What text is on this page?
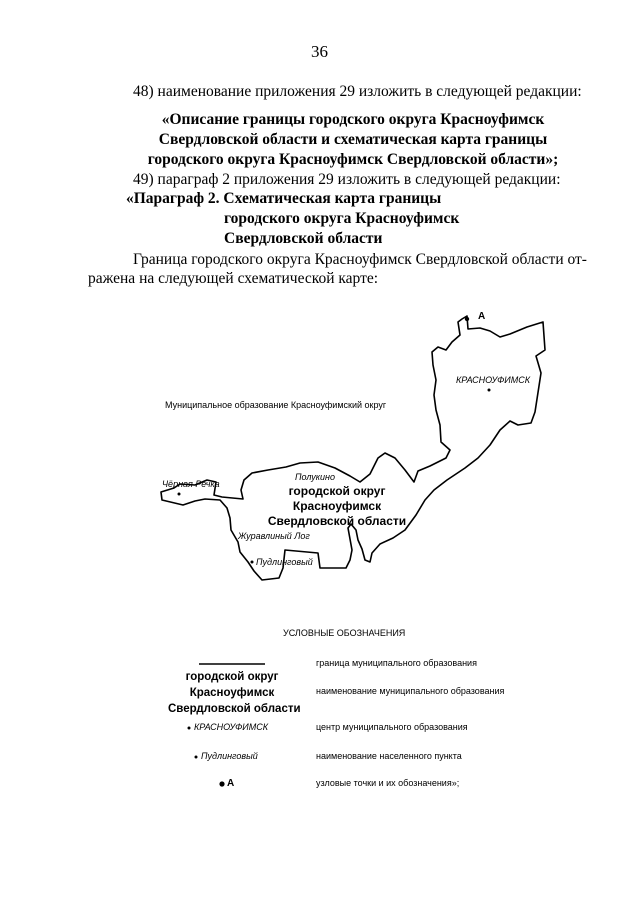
36
48) наименование приложения 29 изложить в следующей редакции:
«Описание границы городского округа Красноуфимск
Свердловской области и схематическая карта границы
городского округа Красноуфимск Свердловской области»;
49) параграф 2 приложения 29 изложить в следующей редакции:
«Параграф 2. Схематическая карта границы
городского округа Красноуфимск
Свердловской области
Граница городского округа Красноуфимск Свердловской области от-
ражена на следующей схематической карте:
А
КРАСНОУФИМСК
Муниципальное образование Красноуфимский округ
Полукино
Чёрная Речка
Журавлиный Лог
Пудлинговый
городской округ
Красноуфимск
Свердловской области
УСЛОВНЫЕ ОБОЗНАЧЕНИЯ
городской округ
Красноуфимск
Свердловской области
КРАСНОУФИМСК
Пудлинговый
А
граница муниципального образования
наименование муниципального образования
центр муниципального образования
наименование населенного пункта
узловые точки и их обозначения»;
